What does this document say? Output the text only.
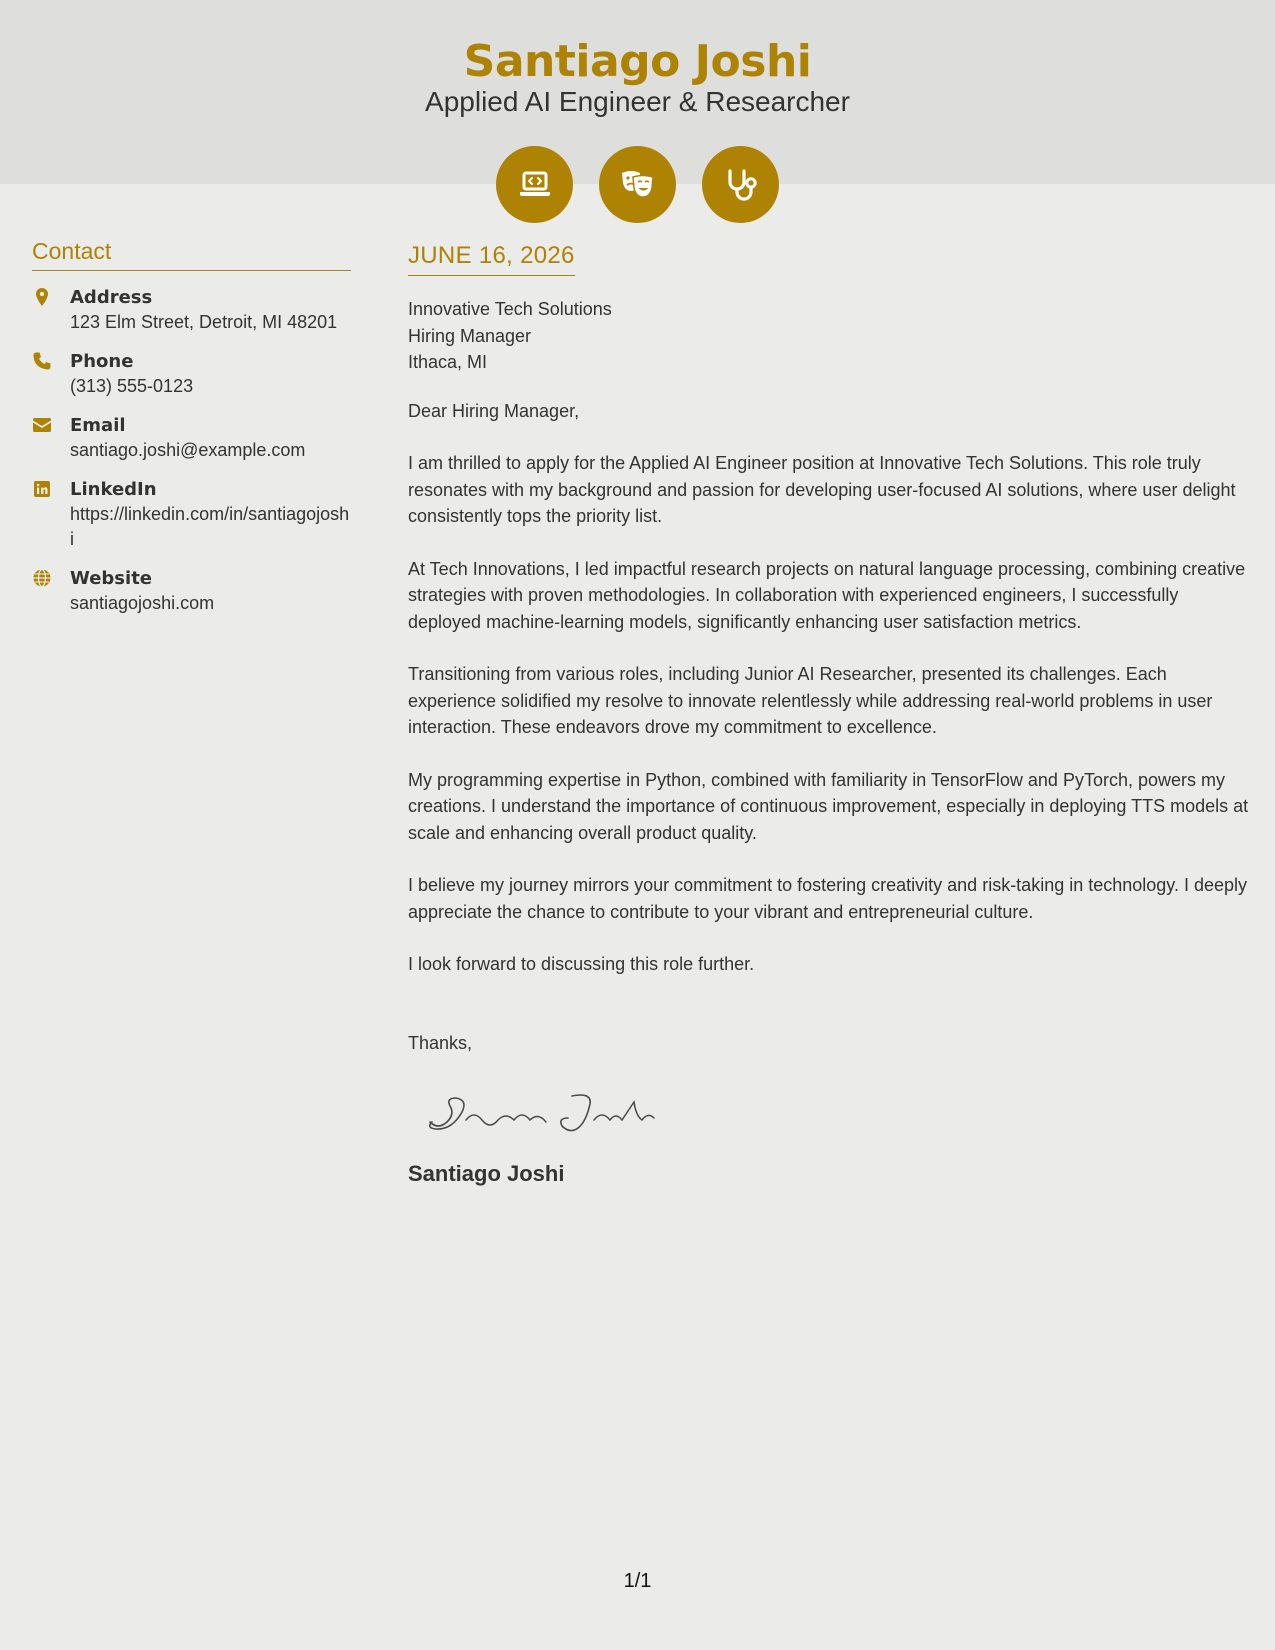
Santiago Joshi
Applied AI Engineer & Researcher
Contact
Address
123 Elm Street, Detroit, MI 48201
Phone
(313) 555-0123
Email
santiago.joshi@example.com
LinkedIn
https://linkedin.com/in/santiagojoshi
Website
santiagojoshi.com
JUNE 16, 2026
Innovative Tech Solutions
Hiring Manager
Ithaca, MI
Dear Hiring Manager,
I am thrilled to apply for the Applied AI Engineer position at Innovative Tech Solutions. This role truly resonates with my background and passion for developing user-focused AI solutions, where user delight consistently tops the priority list.
At Tech Innovations, I led impactful research projects on natural language processing, combining creative strategies with proven methodologies. In collaboration with experienced engineers, I successfully deployed machine-learning models, significantly enhancing user satisfaction metrics.
Transitioning from various roles, including Junior AI Researcher, presented its challenges. Each experience solidified my resolve to innovate relentlessly while addressing real-world problems in user interaction. These endeavors drove my commitment to excellence.
My programming expertise in Python, combined with familiarity in TensorFlow and PyTorch, powers my creations. I understand the importance of continuous improvement, especially in deploying TTS models at scale and enhancing overall product quality.
I believe my journey mirrors your commitment to fostering creativity and risk-taking in technology. I deeply appreciate the chance to contribute to your vibrant and entrepreneurial culture.
I look forward to discussing this role further.
Thanks,
Santiago Joshi
1/1
